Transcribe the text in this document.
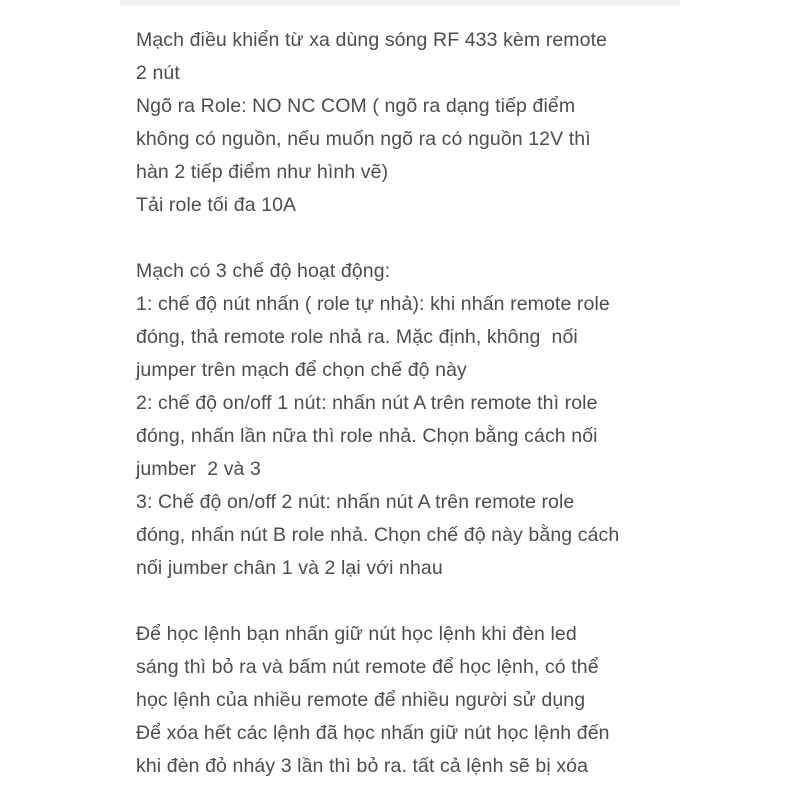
Mạch điều khiển từ xa dùng sóng RF 433 kèm remote
2 nút
Ngõ ra Role: NO NC COM ( ngõ ra dạng tiếp điểm
không có nguồn, nếu muốn ngõ ra có nguồn 12V thì
hàn 2 tiếp điểm như hình vẽ)
Tải role tối đa 10A
Mạch có 3 chế độ hoạt động:
1: chế độ nút nhấn ( role tự nhả): khi nhấn remote role
đóng, thả remote role nhả ra. Mặc định, không  nối
jumper trên mạch để chọn chế độ này
2: chế độ on/off 1 nút: nhấn nút A trên remote thì role
đóng, nhấn lần nữa thì role nhả. Chọn bằng cách nối
jumber  2 và 3
3: Chế độ on/off 2 nút: nhấn nút A trên remote role
đóng, nhấn nút B role nhả. Chọn chế độ này bằng cách
nối jumber chân 1 và 2 lại với nhau
Để học lệnh bạn nhấn giữ nút học lệnh khi đèn led
sáng thì bỏ ra và bấm nút remote để học lệnh, có thể
học lệnh của nhiều remote để nhiều người sử dụng
Để xóa hết các lệnh đã học nhấn giữ nút học lệnh đến
khi đèn đỏ nháy 3 lần thì bỏ ra. tất cả lệnh sẽ bị xóa
